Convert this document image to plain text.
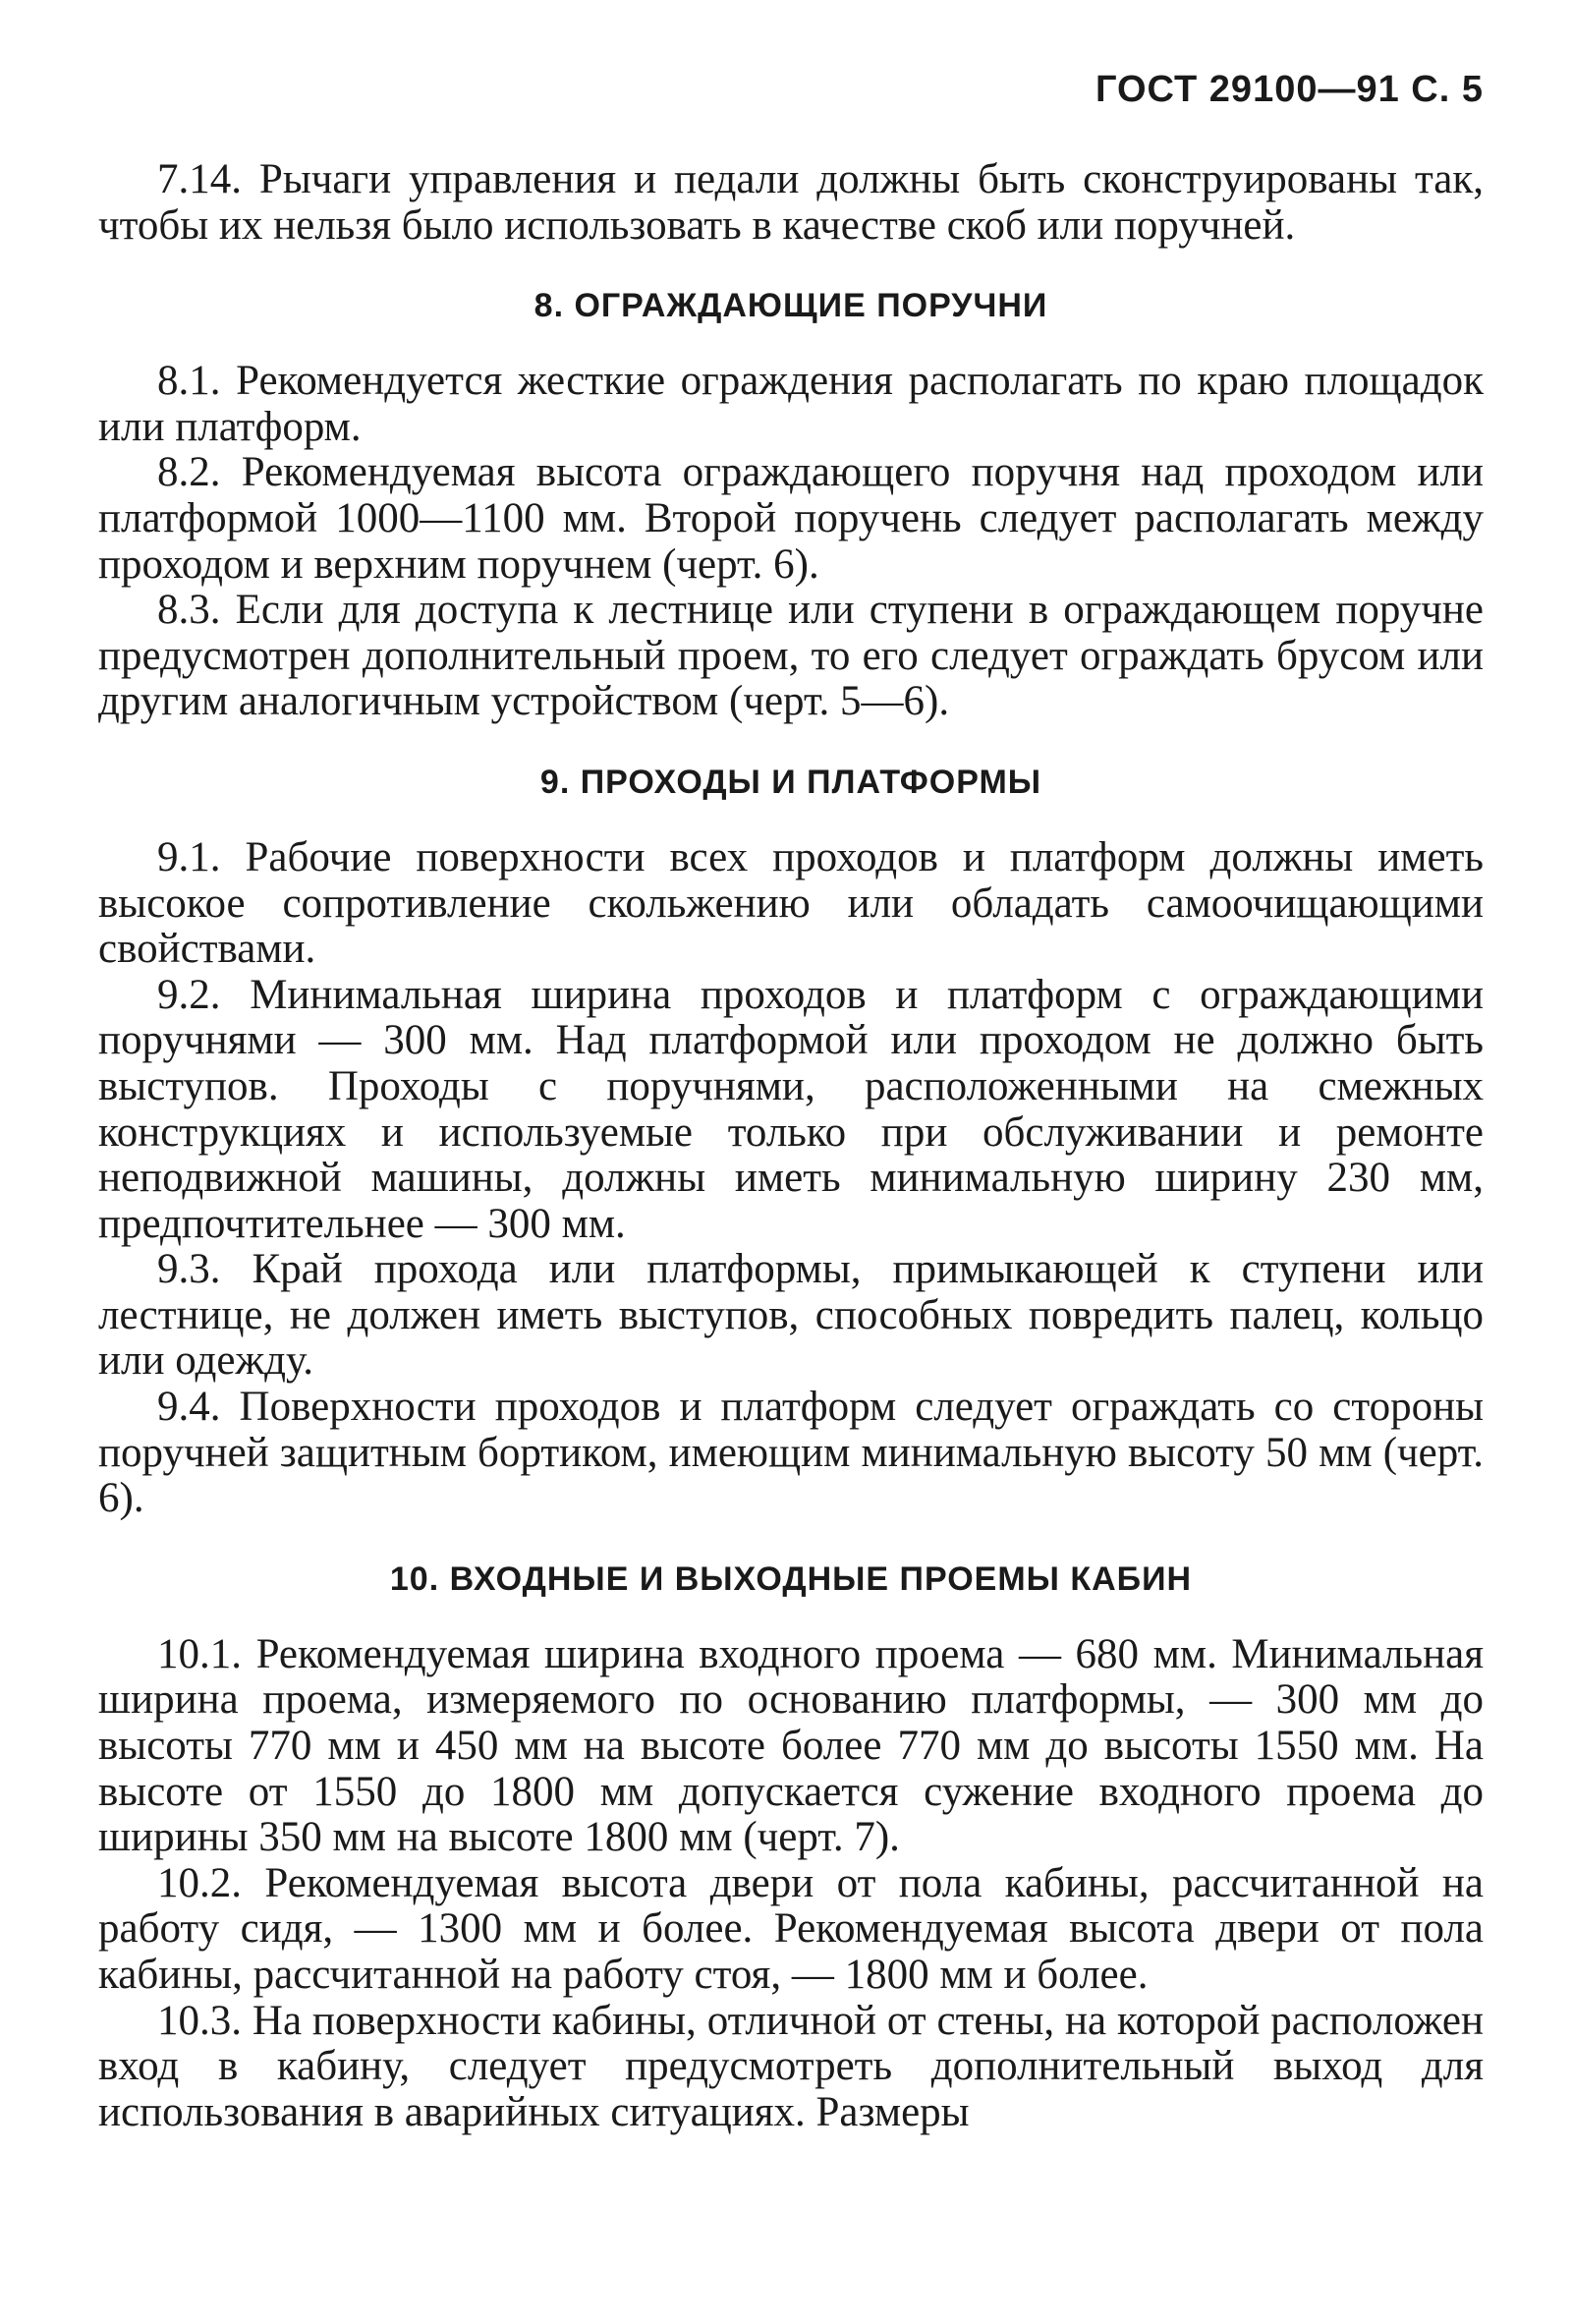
ГОСТ 29100—91 С. 5

7.14. Рычаги управления и педали должны быть сконструированы так, чтобы их нельзя было использовать в качестве скоб или поручней.

8. ОГРАЖДАЮЩИЕ ПОРУЧНИ

8.1. Рекомендуется жесткие ограждения располагать по краю площадок или платформ.

8.2. Рекомендуемая высота ограждающего поручня над проходом или платформой 1000—1100 мм. Второй поручень следует располагать между проходом и верхним поручнем (черт. 6).

8.3. Если для доступа к лестнице или ступени в ограждающем поручне предусмотрен дополнительный проем, то его следует ограждать брусом или другим аналогичным устройством (черт. 5—6).

9. ПРОХОДЫ И ПЛАТФОРМЫ

9.1. Рабочие поверхности всех проходов и платформ должны иметь высокое сопротивление скольжению или обладать самоочищающими свойствами.

9.2. Минимальная ширина проходов и платформ с ограждающими поручнями — 300 мм. Над платформой или проходом не должно быть выступов. Проходы с поручнями, расположенными на смежных конструкциях и используемые только при обслуживании и ремонте неподвижной машины, должны иметь минимальную ширину 230 мм, предпочтительнее — 300 мм.

9.3. Край прохода или платформы, примыкающей к ступени или лестнице, не должен иметь выступов, способных повредить палец, кольцо или одежду.

9.4. Поверхности проходов и платформ следует ограждать со стороны поручней защитным бортиком, имеющим минимальную высоту 50 мм (черт. 6).

10. ВХОДНЫЕ И ВЫХОДНЫЕ ПРОЕМЫ КАБИН

10.1. Рекомендуемая ширина входного проема — 680 мм. Минимальная ширина проема, измеряемого по основанию платформы, — 300 мм до высоты 770 мм и 450 мм на высоте более 770 мм до высоты 1550 мм. На высоте от 1550 до 1800 мм допускается сужение входного проема до ширины 350 мм на высоте 1800 мм (черт. 7).

10.2. Рекомендуемая высота двери от пола кабины, рассчитанной на работу сидя, — 1300 мм и более. Рекомендуемая высота двери от пола кабины, рассчитанной на работу стоя, — 1800 мм и более.

10.3. На поверхности кабины, отличной от стены, на которой расположен вход в кабину, следует предусмотреть дополнительный выход для использования в аварийных ситуациях. Размеры
